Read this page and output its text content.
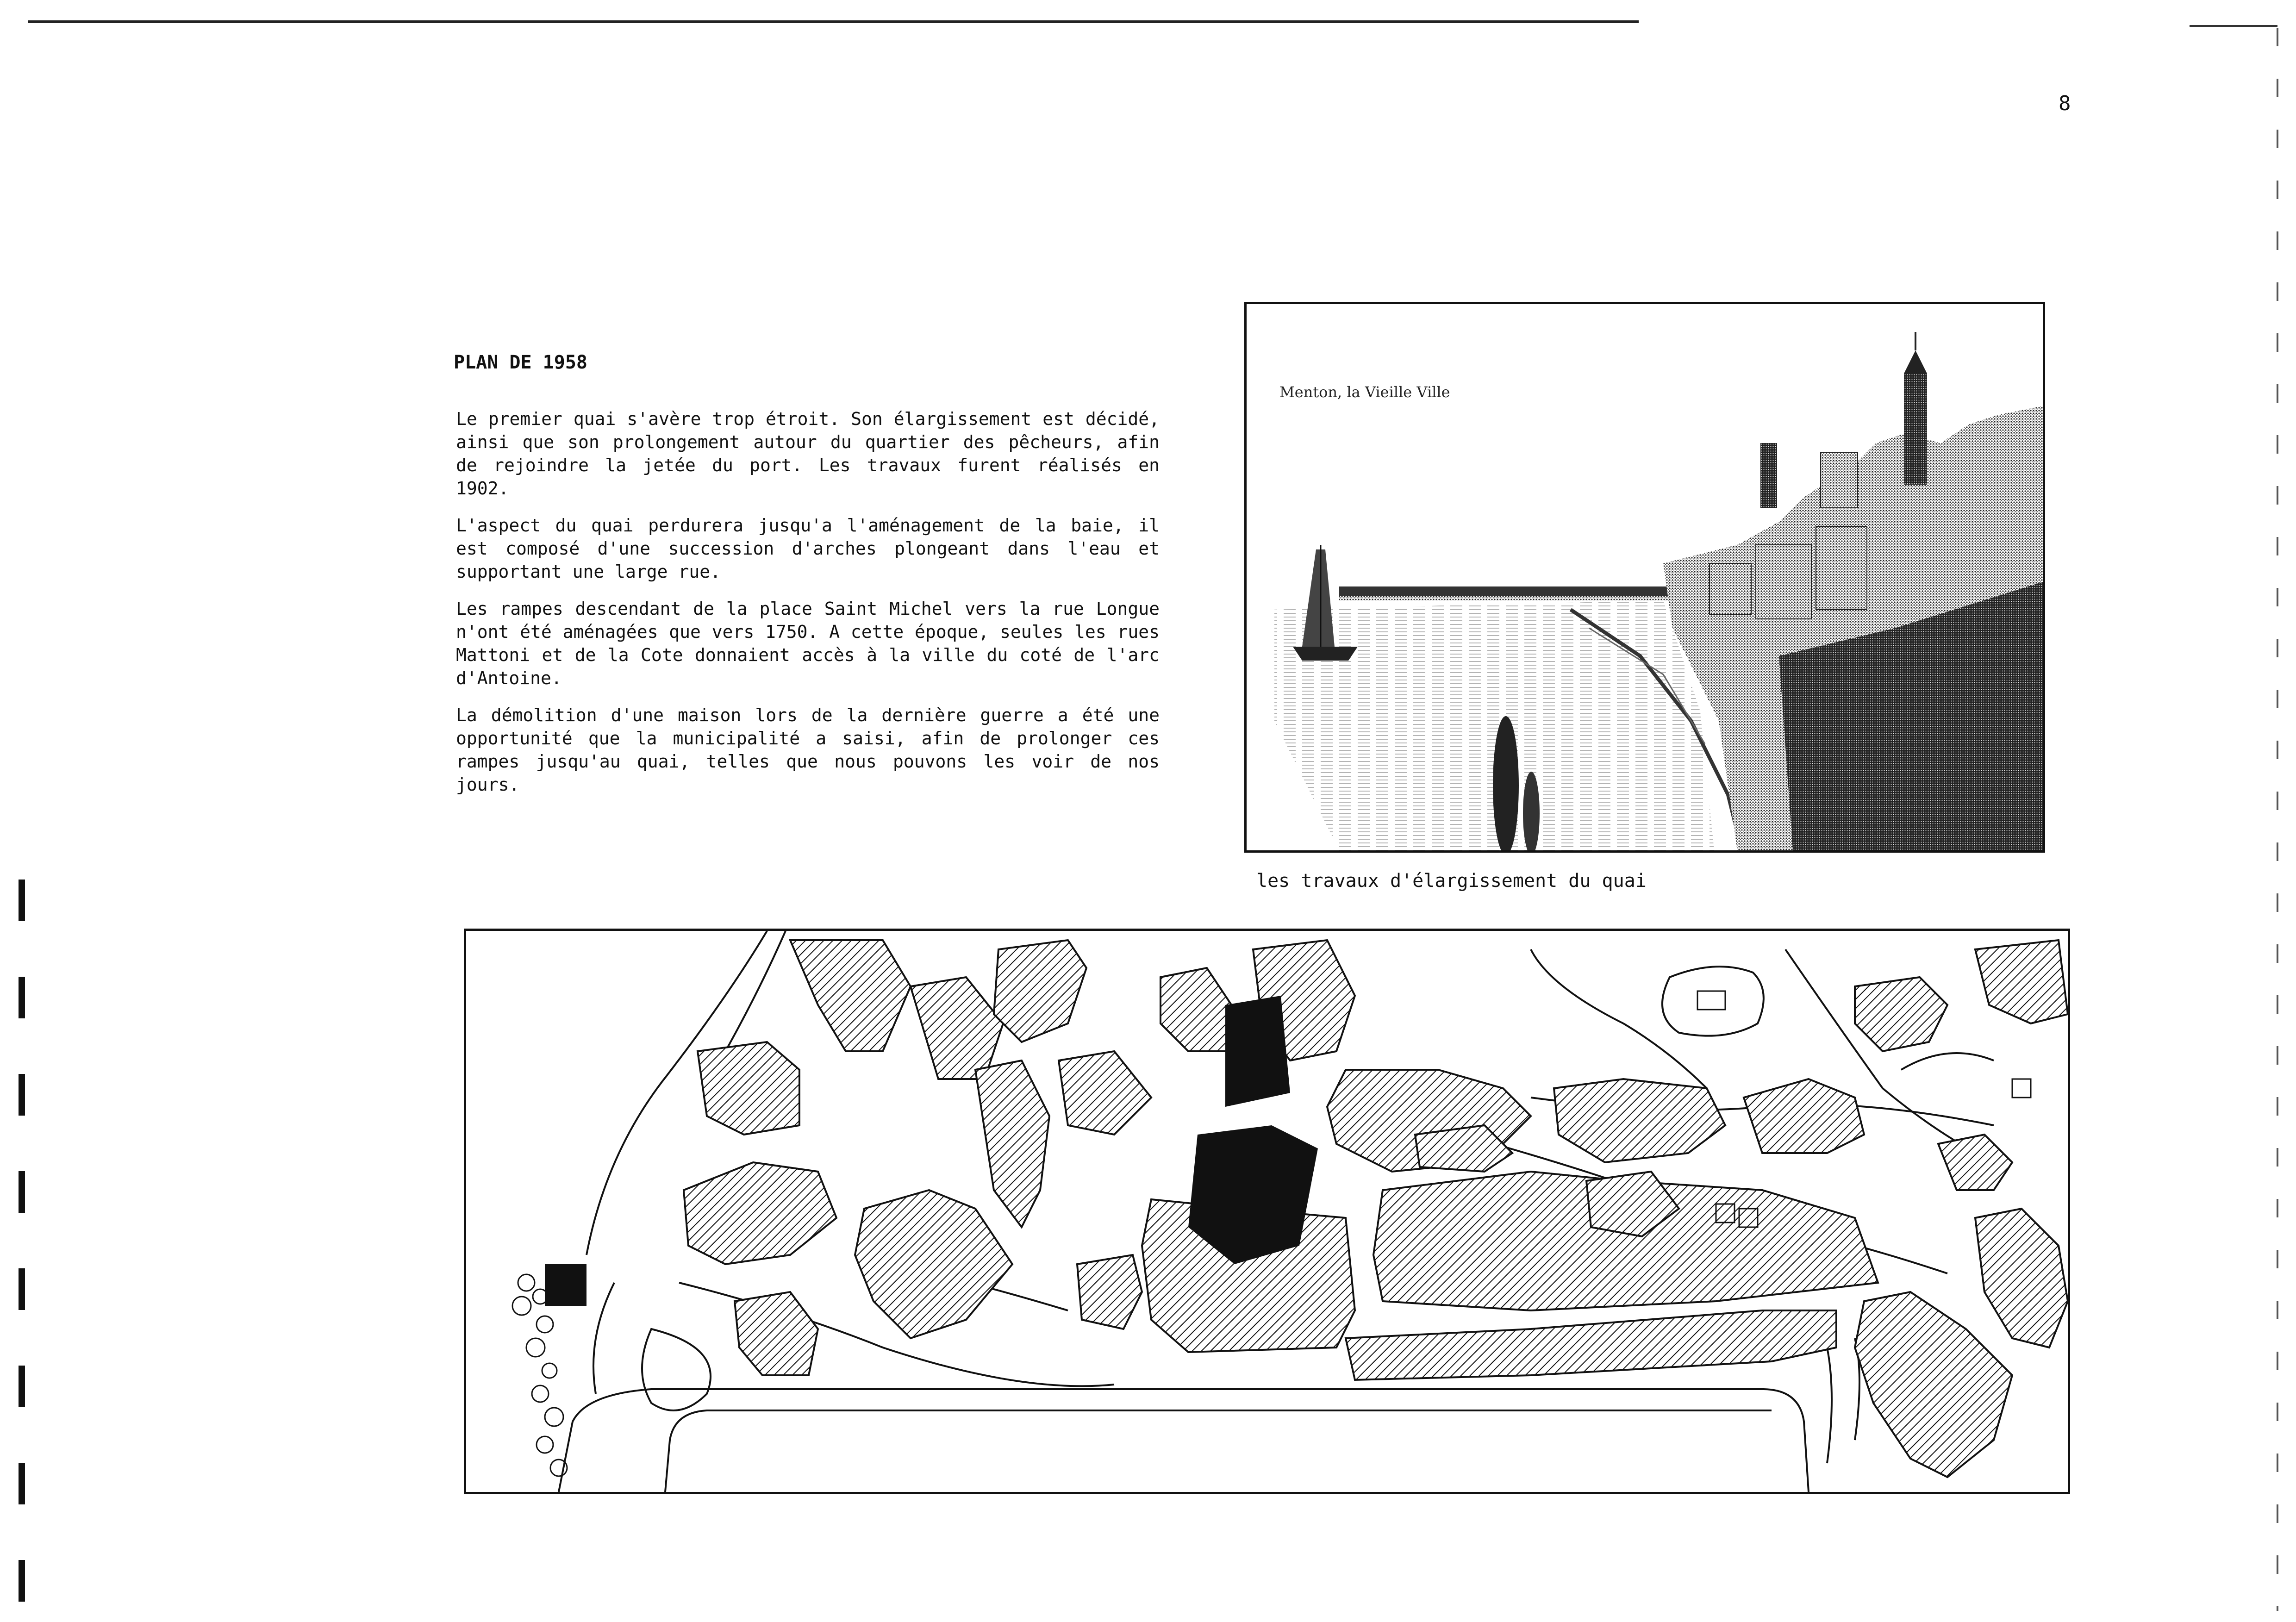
8
PLAN DE 1958

Le premier quai s'avère trop étroit. Son élargissement est décidé, ainsi que son prolongement autour du quartier des pêcheurs, afin de rejoindre la jetée du port. Les travaux furent réalisés en 1902.

L'aspect du quai perdurera jusqu'a l'aménagement de la baie, il est composé d'une succession d'arches plongeant dans l'eau et supportant une large rue.

Les rampes descendant de la place Saint Michel vers la rue Longue n'ont été aménagées que vers 1750. A cette époque, seules les rues Mattoni et de la Cote donnaient accès à la ville du coté de l'arc d'Antoine.

La démolition d'une maison lors de la dernière guerre a été une opportunité que la municipalité a saisi, afin de prolonger ces rampes jusqu'au quai, telles que nous pouvons les voir de nos jours.

Menton, la Vieille Ville
les travaux d'élargissement du quai
